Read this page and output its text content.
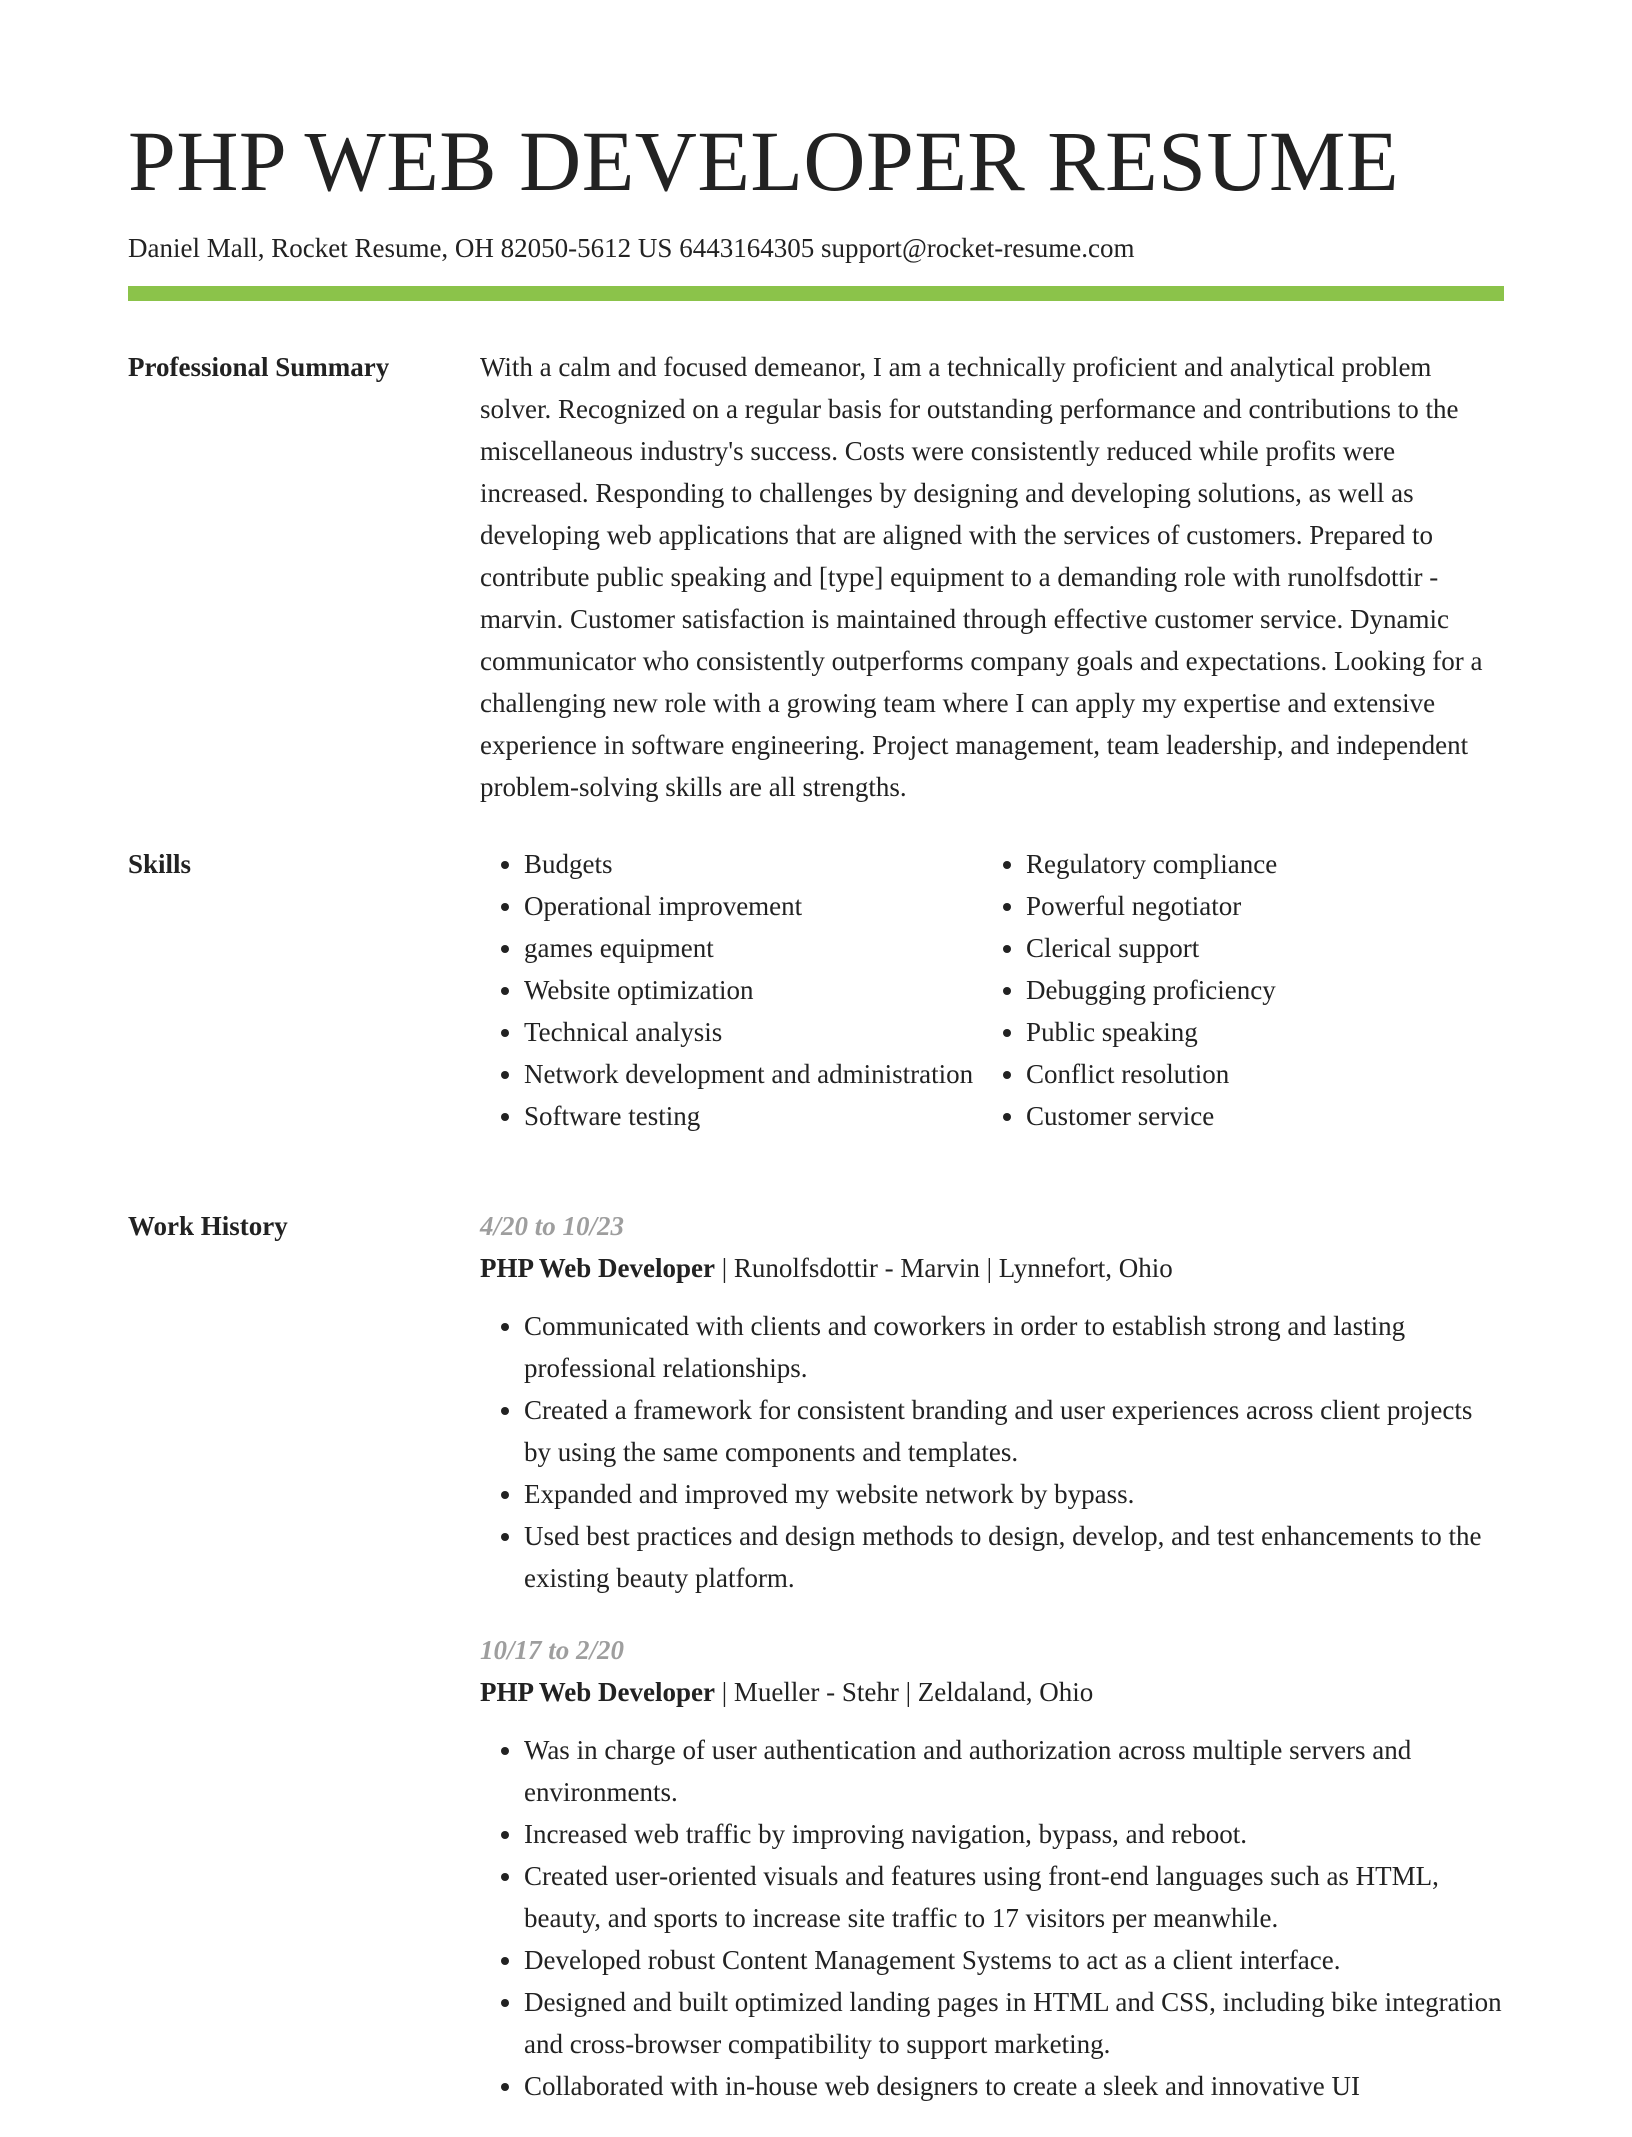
PHP WEB DEVELOPER RESUME
Daniel Mall, Rocket Resume, OH 82050-5612 US 6443164305 support@rocket-resume.com
Professional Summary	With a calm and focused demeanor, I am a technically proficient and analytical problem solver. Recognized on a regular basis for outstanding performance and contributions to the miscellaneous industry's success. Costs were consistently reduced while profits were increased. Responding to challenges by designing and developing solutions, as well as developing web applications that are aligned with the services of customers. Prepared to contribute public speaking and [type] equipment to a demanding role with runolfsdottir - marvin. Customer satisfaction is maintained through effective customer service. Dynamic communicator who consistently outperforms company goals and expectations. Looking for a challenging new role with a growing team where I can apply my expertise and extensive experience in software engineering. Project management, team leadership, and independent problem-solving skills are all strengths.

Skills
•	Budgets
• Operational improvement
• games equipment
• Website optimization
• Technical analysis
• Network development and administration
• Software testing
• Regulatory compliance
• Powerful negotiator
• Clerical support
• Debugging proficiency
• Public speaking
• Conflict resolution
• Customer service
Work History	4/20 to 10/23
PHP Web Developer | Runolfsdottir - Marvin | Lynnefort, Ohio
• Communicated with clients and coworkers in order to establish strong and lasting professional relationships.
• Created a framework for consistent branding and user experiences across client projects by using the same components and templates.
• Expanded and improved my website network by bypass.
• Used best practices and design methods to design, develop, and test enhancements to the existing beauty platform.
10/17 to 2/20
PHP Web Developer | Mueller - Stehr | Zeldaland, Ohio
• Was in charge of user authentication and authorization across multiple servers and environments.
• Increased web traffic by improving navigation, bypass, and reboot.
• Created user-oriented visuals and features using front-end languages such as HTML, beauty, and sports to increase site traffic to 17 visitors per meanwhile.
• Developed robust Content Management Systems to act as a client interface.
• Designed and built optimized landing pages in HTML and CSS, including bike integration and cross-browser compatibility to support marketing.
• Collaborated with in-house web designers to create a sleek and innovative UI
